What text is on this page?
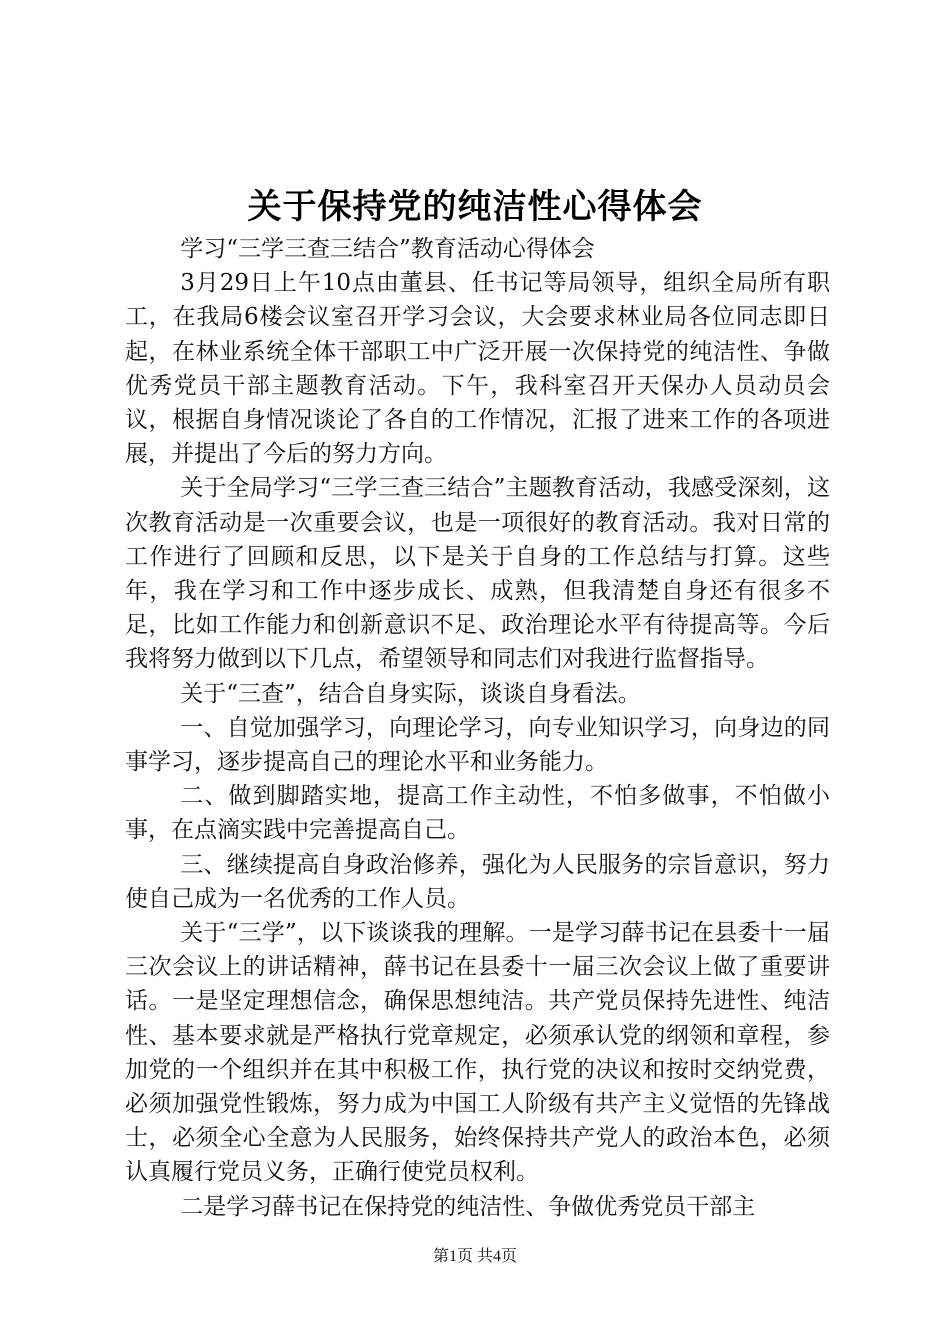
关于保持党的纯洁性心得体会

学习“三学三查三结合”教育活动心得体会

3月29日上午10点由董县、任书记等局领导，组织全局所有职工，在我局6楼会议室召开学习会议，大会要求林业局各位同志即日起，在林业系统全体干部职工中广泛开展一次保持党的纯洁性、争做优秀党员干部主题教育活动。下午，我科室召开天保办人员动员会议，根据自身情况谈论了各自的工作情况，汇报了进来工作的各项进展，并提出了今后的努力方向。

关于全局学习“三学三查三结合”主题教育活动，我感受深刻，这次教育活动是一次重要会议，也是一项很好的教育活动。我对日常的工作进行了回顾和反思，以下是关于自身的工作总结与打算。这些年，我在学习和工作中逐步成长、成熟，但我清楚自身还有很多不足，比如工作能力和创新意识不足、政治理论水平有待提高等。今后我将努力做到以下几点，希望领导和同志们对我进行监督指导。

关于“三查”，结合自身实际，谈谈自身看法。

一、自觉加强学习，向理论学习，向专业知识学习，向身边的同事学习，逐步提高自己的理论水平和业务能力。

二、做到脚踏实地，提高工作主动性，不怕多做事，不怕做小事，在点滴实践中完善提高自己。

三、继续提高自身政治修养，强化为人民服务的宗旨意识，努力使自己成为一名优秀的工作人员。

关于“三学”，以下谈谈我的理解。一是学习薛书记在县委十一届三次会议上的讲话精神，薛书记在县委十一届三次会议上做了重要讲话。一是坚定理想信念，确保思想纯洁。共产党员保持先进性、纯洁性、基本要求就是严格执行党章规定，必须承认党的纲领和章程，参加党的一个组织并在其中积极工作，执行党的决议和按时交纳党费，必须加强党性锻炼，努力成为中国工人阶级有共产主义觉悟的先锋战士，必须全心全意为人民服务，始终保持共产党人的政治本色，必须认真履行党员义务，正确行使党员权利。

二是学习薛书记在保持党的纯洁性、争做优秀党员干部主

第1页 共4页
